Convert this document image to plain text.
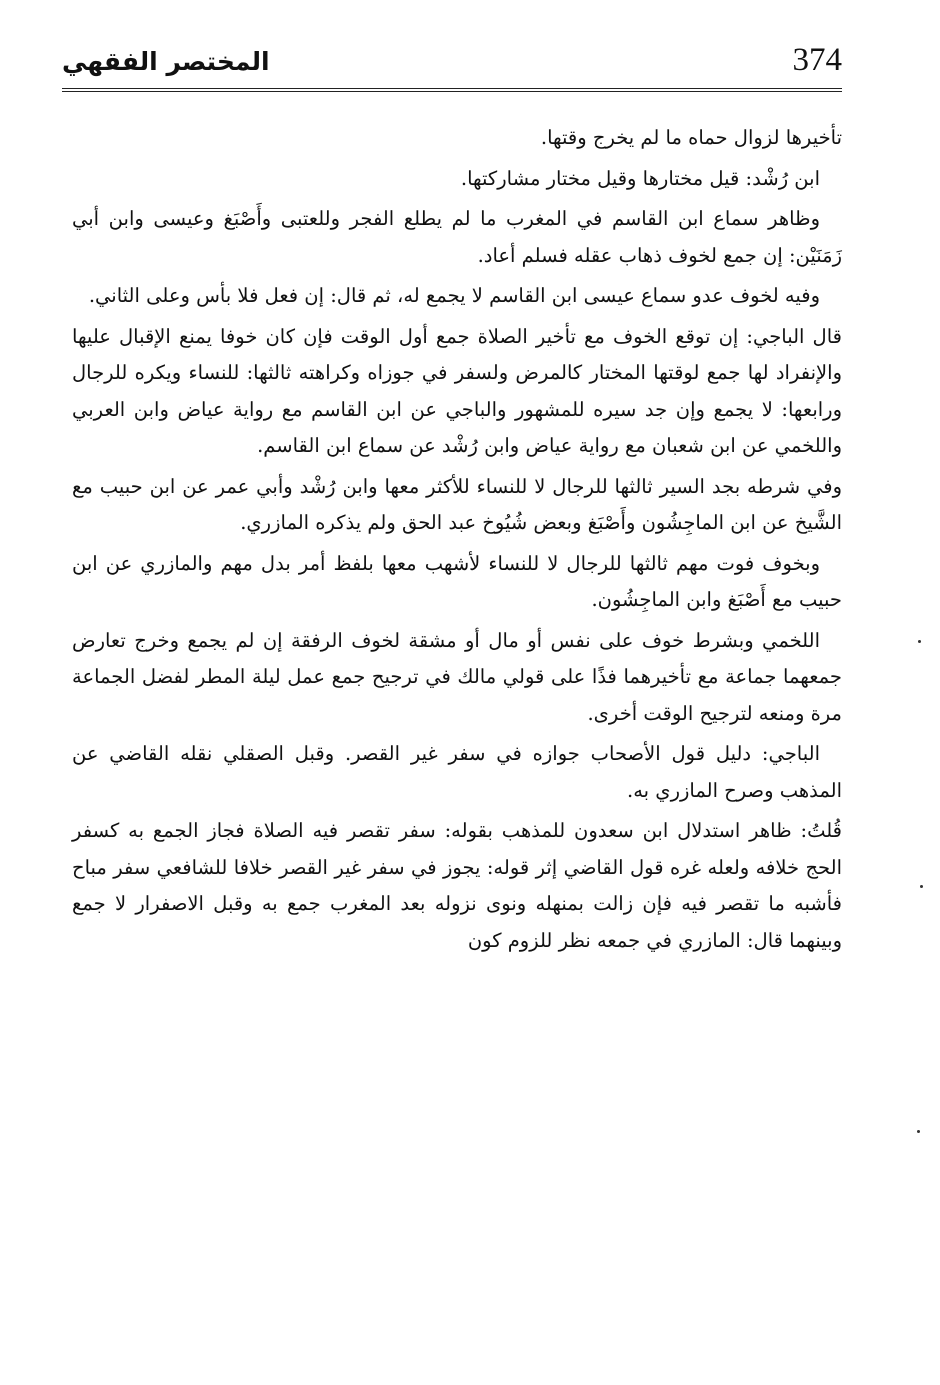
374
المختصر الفقهي

تأخيرها لزوال حماه ما لم يخرج وقتها.

ابن رُشْد: قيل مختارها وقيل مختار مشاركتها.

وظاهر سماع ابن القاسم في المغرب ما لم يطلع الفجر وللعتبى وأَصْبَغ وعيسى وابن أبي زَمَنَيْن: إن جمع لخوف ذهاب عقله فسلم أعاد.

وفيه لخوف عدو سماع عيسى ابن القاسم لا يجمع له، ثم قال: إن فعل فلا بأس وعلى الثاني.

قال الباجي: إن توقع الخوف مع تأخير الصلاة جمع أول الوقت فإن كان خوفا يمنع الإقبال عليها والإنفراد لها جمع لوقتها المختار كالمرض ولسفر في جوزاه وكراهته ثالثها: للنساء ويكره للرجال ورابعها: لا يجمع وإن جد سيره للمشهور والباجي عن ابن القاسم مع رواية عياض وابن العربي واللخمي عن ابن شعبان مع رواية عياض وابن رُشْد عن سماع ابن القاسم.

وفي شرطه بجد السير ثالثها للرجال لا للنساء للأكثر معها وابن رُشْد وأبي عمر عن ابن حبيب مع الشَّيخ عن ابن الماجِشُون وأَصْبَغ وبعض شُيُوخ عبد الحق ولم يذكره المازري.

وبخوف فوت مهم ثالثها للرجال لا للنساء لأشهب معها بلفظ أمر بدل مهم والمازري عن ابن حبيب مع أَصْبَغ وابن الماجِشُون.

اللخمي وبشرط خوف على نفس أو مال أو مشقة لخوف الرفقة إن لم يجمع وخرج تعارض جمعهما جماعة مع تأخيرهما فذًا على قولي مالك في ترجيح جمع عمل ليلة المطر لفضل الجماعة مرة ومنعه لترجيح الوقت أخرى.

الباجي: دليل قول الأصحاب جوازه في سفر غير القصر. وقبل الصقلي نقله القاضي عن المذهب وصرح المازري به.

قُلتُ: ظاهر استدلال ابن سعدون للمذهب بقوله: سفر تقصر فيه الصلاة فجاز الجمع به كسفر الحج خلافه ولعله غره قول القاضي إثر قوله: يجوز في سفر غير القصر خلافا للشافعي سفر مباح فأشبه ما تقصر فيه فإن زالت بمنهله ونوى نزوله بعد المغرب جمع به وقبل الاصفرار لا جمع وبينهما قال: المازري في جمعه نظر للزوم كون
